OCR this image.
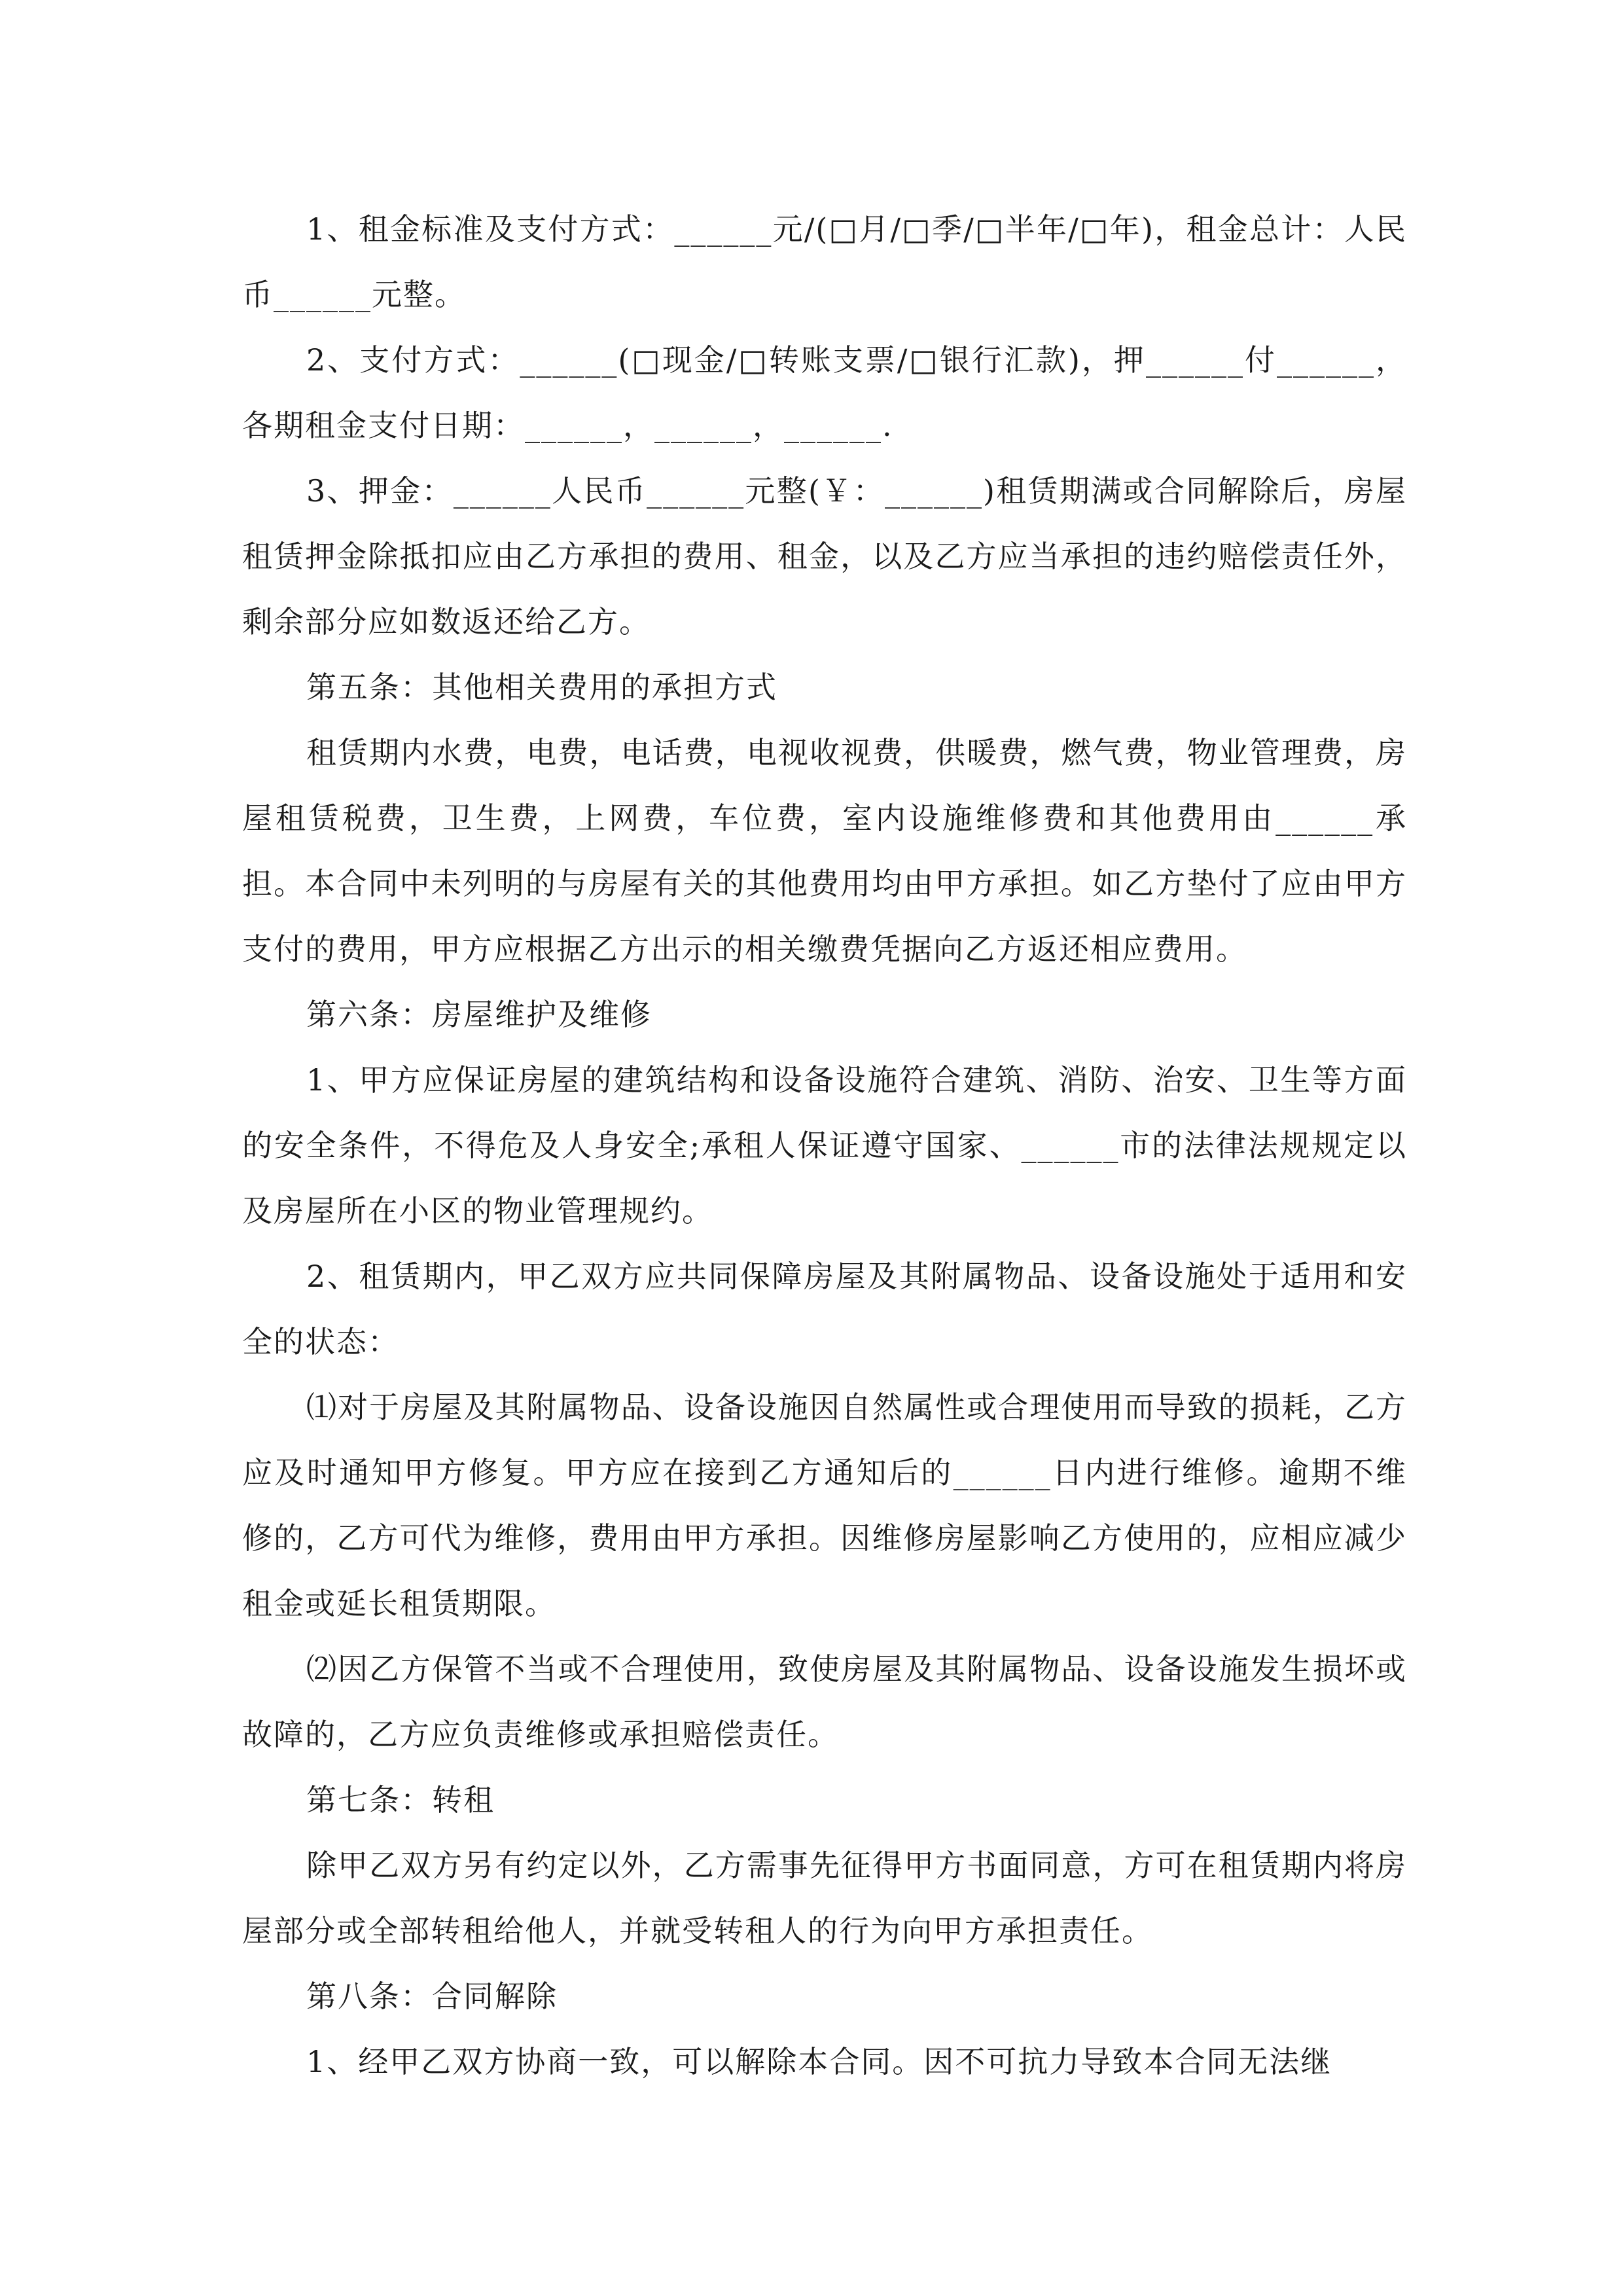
1、租金标准及支付方式：______元/(□月/□季/□半年/□年)，租金总计：人民币______元整。

2、支付方式：______(□现金/□转账支票/□银行汇款)，押______付______，各期租金支付日期：______，______，______.

3、押金：______人民币______元整(￥：______)租赁期满或合同解除后，房屋租赁押金除抵扣应由乙方承担的费用、租金，以及乙方应当承担的违约赔偿责任外，剩余部分应如数返还给乙方。

第五条：其他相关费用的承担方式

租赁期内水费，电费，电话费，电视收视费，供暖费，燃气费，物业管理费，房屋租赁税费，卫生费，上网费，车位费，室内设施维修费和其他费用由______承担。本合同中未列明的与房屋有关的其他费用均由甲方承担。如乙方垫付了应由甲方支付的费用，甲方应根据乙方出示的相关缴费凭据向乙方返还相应费用。

第六条：房屋维护及维修

1、甲方应保证房屋的建筑结构和设备设施符合建筑、消防、治安、卫生等方面的安全条件，不得危及人身安全;承租人保证遵守国家、______市的法律法规规定以及房屋所在小区的物业管理规约。

2、租赁期内，甲乙双方应共同保障房屋及其附属物品、设备设施处于适用和安全的状态：

⑴对于房屋及其附属物品、设备设施因自然属性或合理使用而导致的损耗，乙方应及时通知甲方修复。甲方应在接到乙方通知后的______日内进行维修。逾期不维修的，乙方可代为维修，费用由甲方承担。因维修房屋影响乙方使用的，应相应减少租金或延长租赁期限。

⑵因乙方保管不当或不合理使用，致使房屋及其附属物品、设备设施发生损坏或故障的，乙方应负责维修或承担赔偿责任。

第七条：转租

除甲乙双方另有约定以外，乙方需事先征得甲方书面同意，方可在租赁期内将房屋部分或全部转租给他人，并就受转租人的行为向甲方承担责任。

第八条：合同解除

1、经甲乙双方协商一致，可以解除本合同。因不可抗力导致本合同无法继
